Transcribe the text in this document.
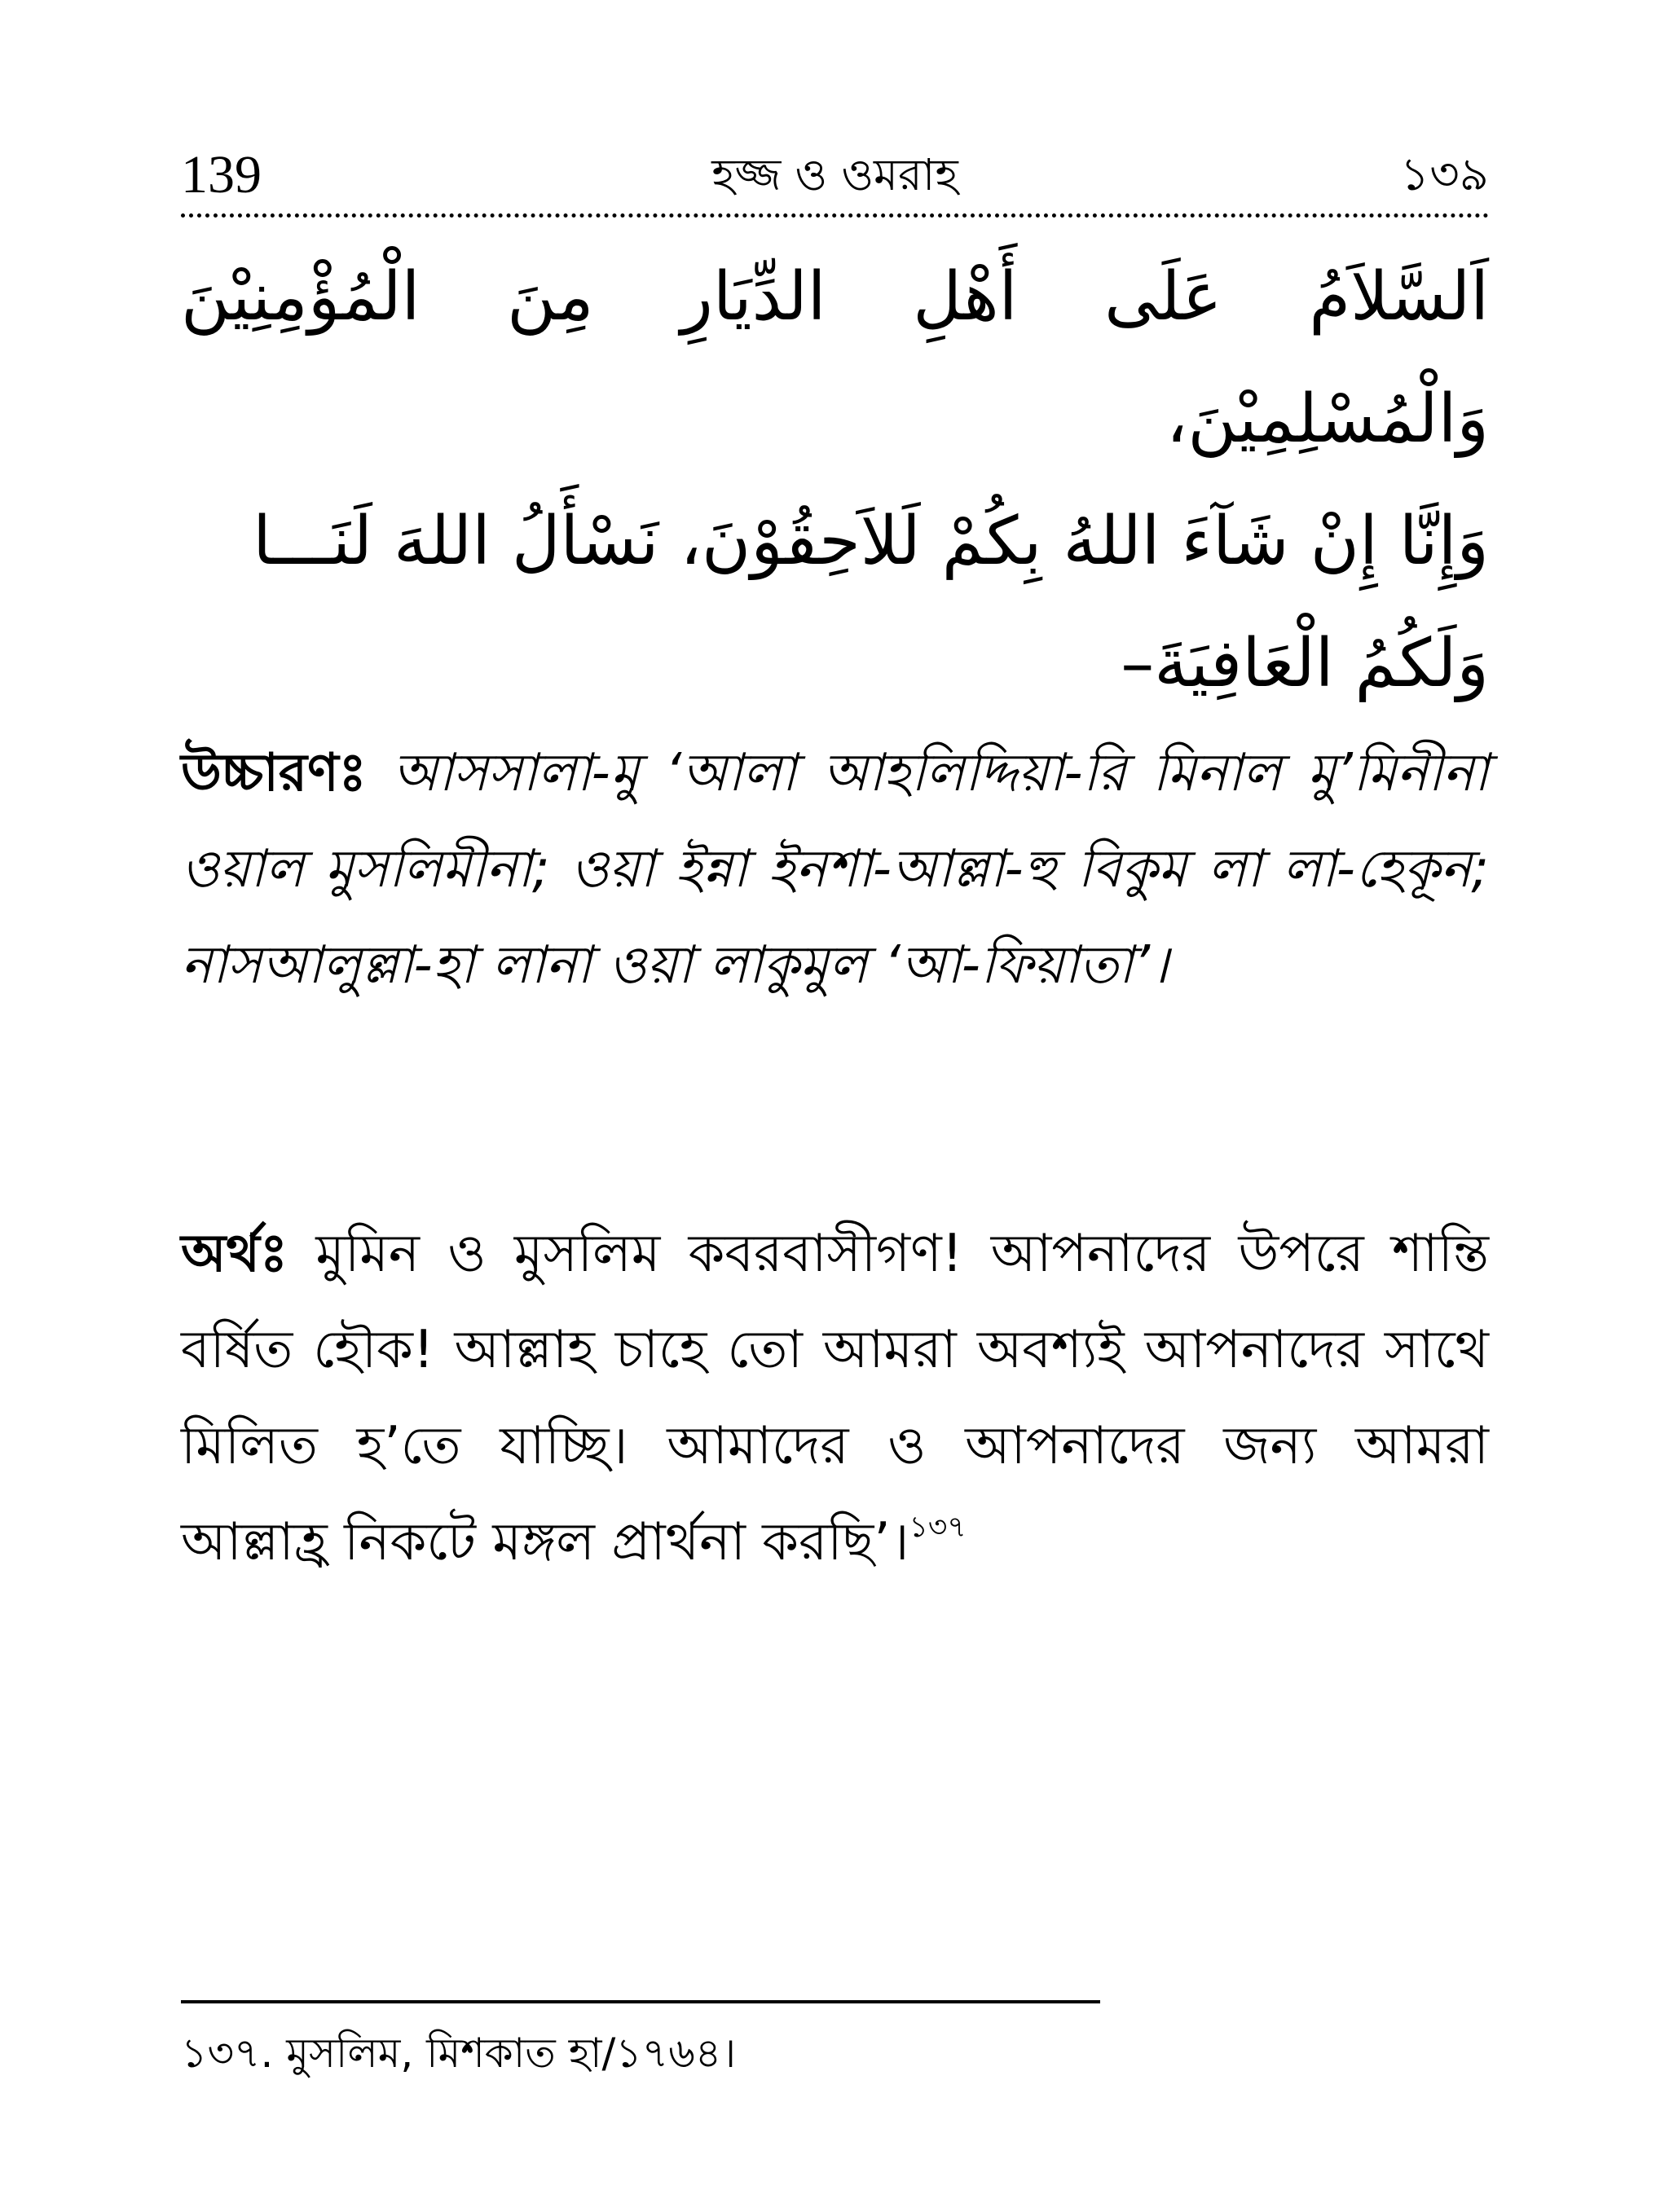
139	হজ্জ ও ওমরাহ	১৩৯
اَلسَّلاَمُ عَلَى أَهْلِ الدِّيَارِ مِنَ الْمُؤْمِنِيْنَ وَالْمُسْلِمِيْنَ،
وَإِنَّا إِنْ شَآءَ اللهُ بِكُمْ لَلاَحِقُوْنَ، نَسْأَلُ اللهَ لَنَـــا
وَلَكُمُ الْعَافِيَةَ–

উচ্চারণঃ আসসালা-মু ‘আলা আহলিদ্দিয়া-রি মিনাল মু’মিনীনা ওয়াল মুসলিমীনা; ওয়া ইন্না ইনশা-আল্লা-হু বিকুম লা লা-হেকূন; নাসআলুল্লা-হা লানা ওয়া লাকুমুল ‘আ-ফিয়াতা’।

অর্থঃ মুমিন ও মুসলিম কবরবাসীগণ! আপনাদের উপরে শান্তি বর্ষিত হৌক! আল্লাহ চাহে তো আমরা অবশ্যই আপনাদের সাথে মিলিত হ’তে যাচ্ছি। আমাদের ও আপনাদের জন্য আমরা আল্লাহ্র নিকটে মঙ্গল প্রার্থনা করছি’।$^{১৩৭}$

১৩৭. মুসলিম, মিশকাত হা/১৭৬৪।
